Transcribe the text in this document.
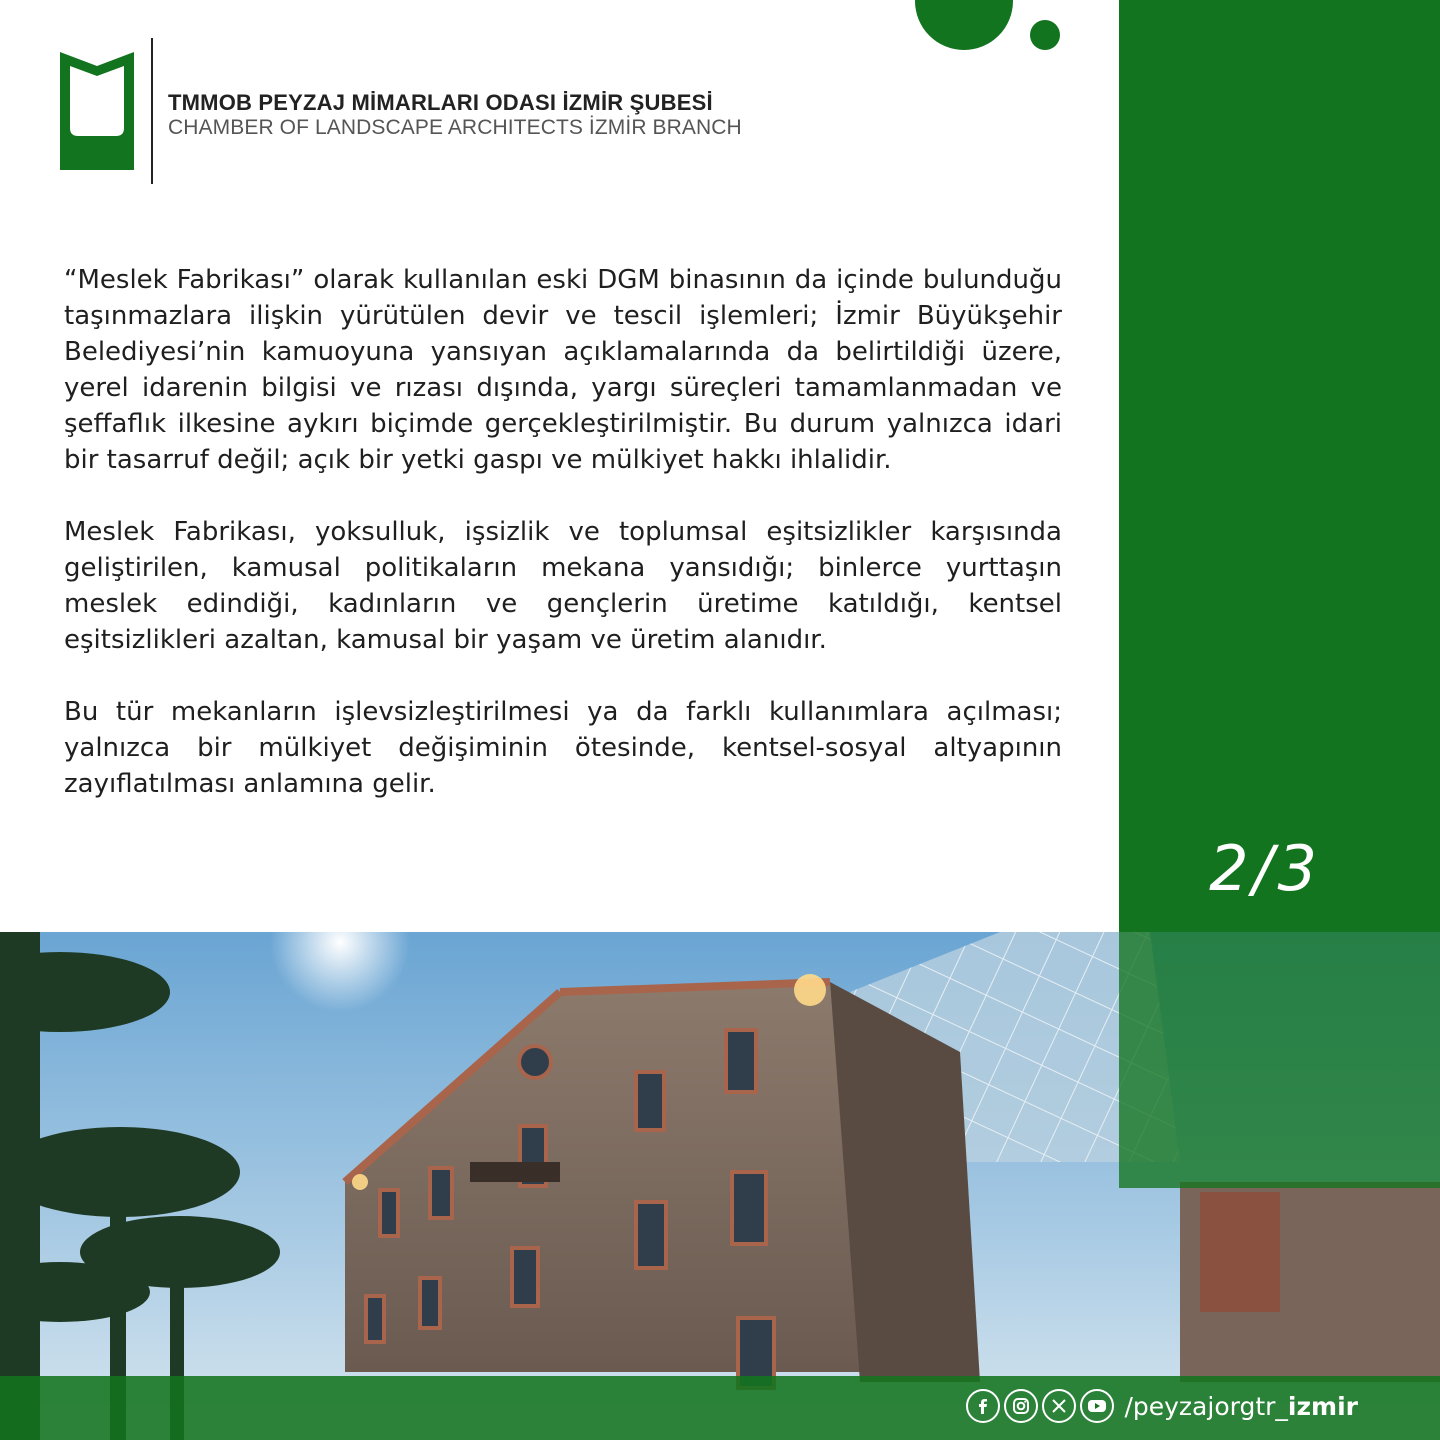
TMMOB PEYZAJ MİMARLARI ODASI İZMİR ŞUBESİ
CHAMBER OF LANDSCAPE ARCHITECTS İZMİR BRANCH

“Meslek Fabrikası” olarak kullanılan eski DGM binasının da içinde bulunduğu taşınmazlara ilişkin yürütülen devir ve tescil işlemleri; İzmir Büyükşehir Belediyesi’nin kamuoyuna yansıyan açıklamalarında da belirtildiği üzere, yerel idarenin bilgisi ve rızası dışında, yargı süreçleri tamamlanmadan ve şeffaflık ilkesine aykırı biçimde gerçekleştirilmiştir. Bu durum yalnızca idari bir tasarruf değil; açık bir yetki gaspı ve mülkiyet hakkı ihlalidir.

Meslek Fabrikası, yoksulluk, işsizlik ve toplumsal eşitsizlikler karşısında geliştirilen, kamusal politikaların mekana yansıdığı; binlerce yurttaşın meslek edindiği, kadınların ve gençlerin üretime katıldığı, kentsel eşitsizlikleri azaltan, kamusal bir yaşam ve üretim alanıdır.

Bu tür mekanların işlevsizleştirilmesi ya da farklı kullanımlara açılması; yalnızca bir mülkiyet değişiminin ötesinde, kentsel-sosyal altyapının zayıflatılması anlamına gelir.

2/3
/peyzajorgtr_izmir
